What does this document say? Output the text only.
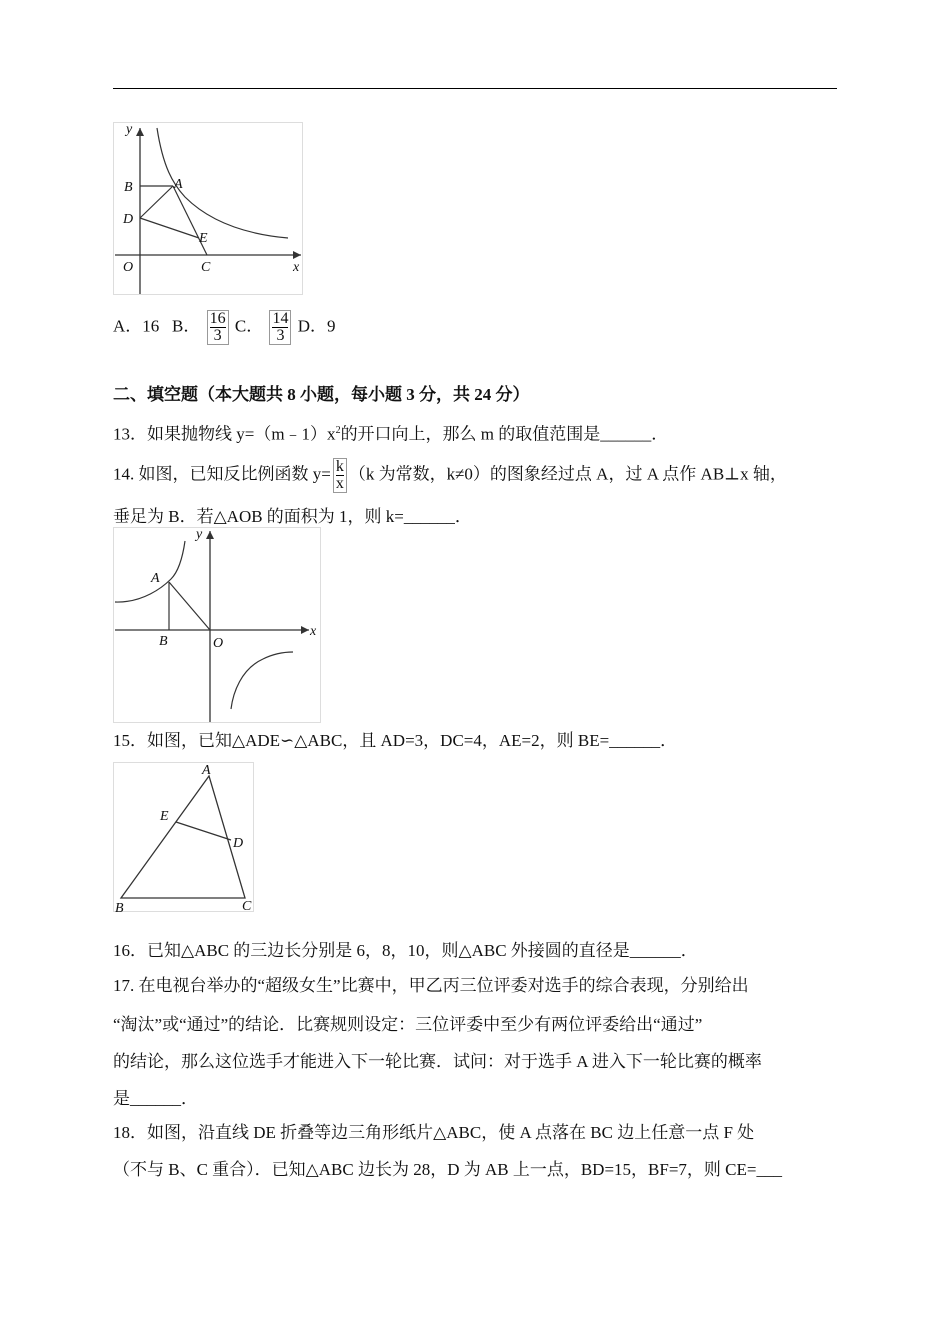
y
x
O
A
B
C
D
E
A．16 B． $\frac{16}{3}$ C． $\frac{14}{3}$ D．9
二、填空题（本大题共 8 小题，每小题 3 分，共 24 分）
13．如果抛物线 $y=(m﹣1)x^2$的开口向上，那么 m 的取值范围是______．
14. 如图，已知反比例函数 $y= \frac{k}{x} (k$ 为常数，k≠0）的图象经过点 A，过 A 点作 AB⊥x 轴，
垂足为 B．若△AOB 的面积为 1，则 k=______．
y
x
O
A
B
15．如图，已知△ADE∽△ABC，且 AD=3，DC=4，AE=2，则 BE=______．
A
E
D
B	C
16．已知△ABC 的三边长分别是 6，8，10，则△ABC 外接圆的直径是______．
17. 在电视台举办的“超级女生”比赛中，甲乙丙三位评委对选手的综合表现，分别给出
“淘汰”或“通过”的结论．比赛规则设定：三位评委中至少有两位评委给出“通过”
的结论，那么这位选手才能进入下一轮比赛．试问：对于选手 A 进入下一轮比赛的概率
是______．
18．如图，沿直线 DE 折叠等边三角形纸片△ABC，使 A 点落在 BC 边上任意一点 F 处
（不与 B、C 重合）．已知△ABC 边长为 28，D 为 AB 上一点，BD=15，BF=7，则 CE=___
